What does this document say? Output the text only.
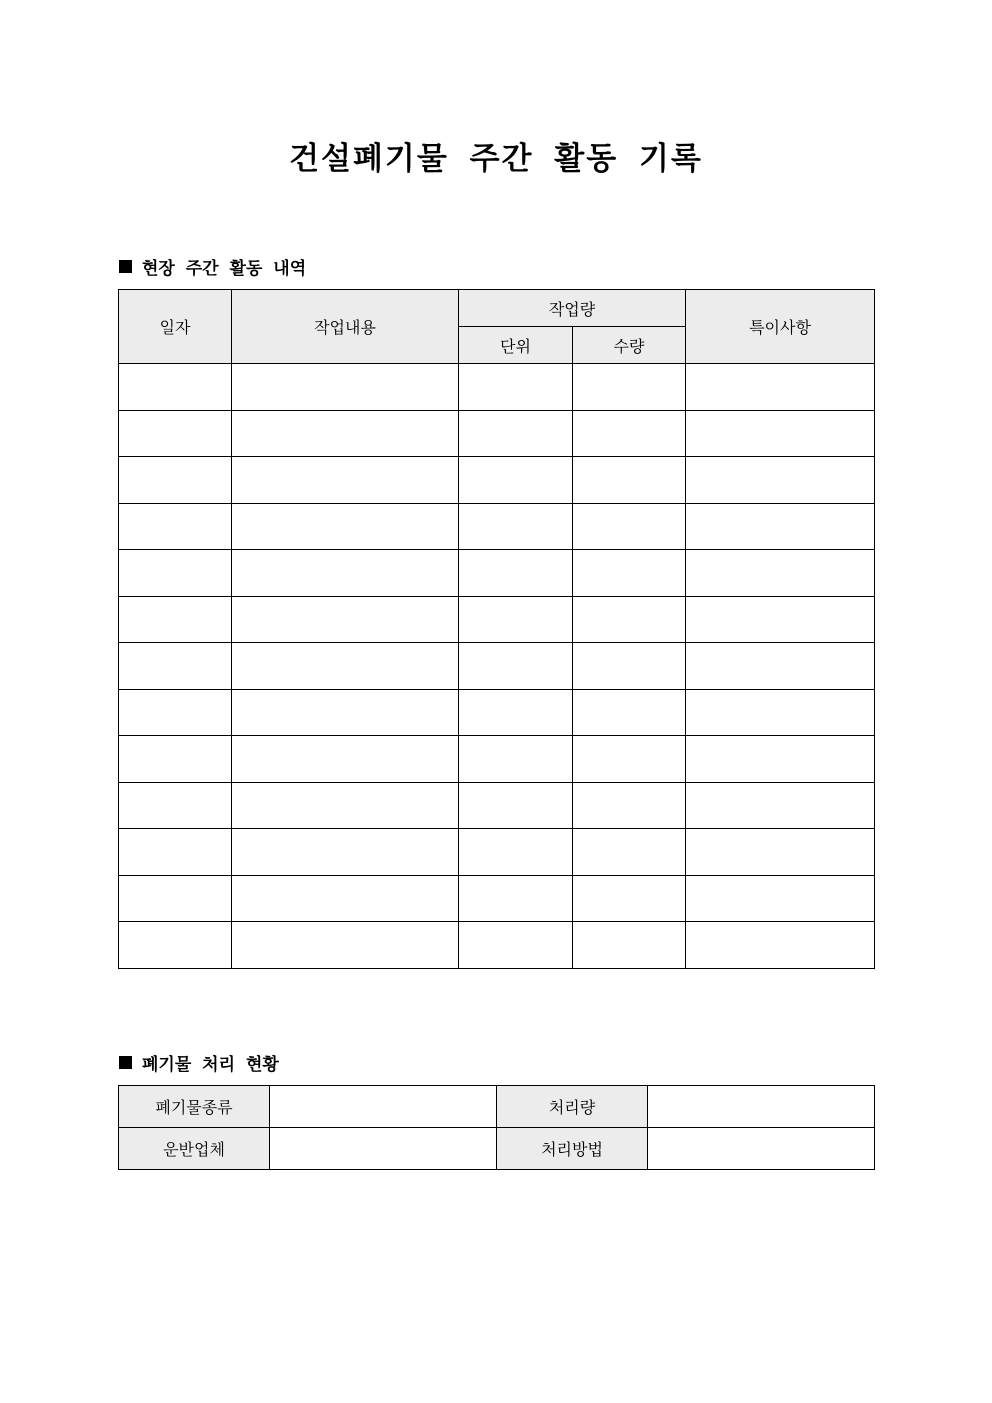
건설폐기물 주간 활동 기록
현장 주간 활동 내역
일자	작업내용	작업량		특이사항
		단위	수량	

폐기물 처리 현황
폐기물종류		처리량	
운반업체		처리방법	
